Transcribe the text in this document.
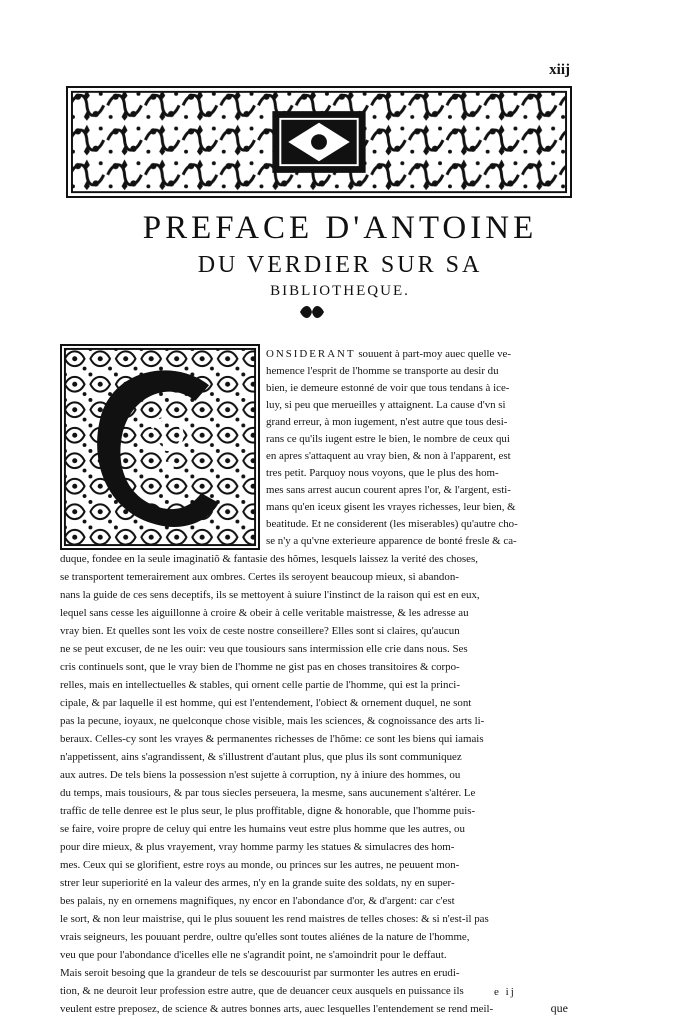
xiij
PREFACE D'ANTOINE
DU VERDIER SUR SA
BIBLIOTHEQUE.
ONSIDERANT souuent à part-moy auec quelle ve-
hemence l'esprit de l'homme se transporte au desir du
bien, ie demeure estonné de voir que tous tendans à ice-
luy, si peu que merueilles y attaignent. La cause d'vn si
grand erreur, à mon iugement, n'est autre que tous desi-
rans ce qu'ils iugent estre le bien, le nombre de ceux qui
en apres s'attaquent au vray bien, & non à l'apparent, est
tres petit. Parquoy nous voyons, que le plus des hom-
mes sans arrest aucun courent apres l'or, & l'argent, esti-
mans qu'en iceux gisent les vrayes richesses, leur bien, &
beatitude. Et ne considerent (les miserables) qu'autre cho-
se n'y a qu'vne exterieure apparence de bonté fresle & ca-
duque, fondee en la seule imaginatiõ & fantasie des hõmes, lesquels laissez la verité des choses,
se transportent temerairement aux ombres. Certes ils seroyent beaucoup mieux, si abandon-
nans la guide de ces sens deceptifs, ils se mettoyent à suiure l'instinct de la raison qui est en eux,
lequel sans cesse les aiguillonne à croire & obeir à celle veritable maistresse, & les adresse au
vray bien. Et quelles sont les voix de ceste nostre conseillere? Elles sont si claires, qu'aucun
ne se peut excuser, de ne les ouir: veu que tousiours sans intermission elle crie dans nous. Ses
cris continuels sont, que le vray bien de l'homme ne gist pas en choses transitoires & corpo-
relles, mais en intellectuelles & stables, qui ornent celle partie de l'homme, qui est la princi-
cipale, & par laquelle il est homme, qui est l'entendement, l'obiect & ornement duquel, ne sont
pas la pecune, ioyaux, ne quelconque chose visible, mais les sciences, & cognoissance des arts li-
beraux. Celles-cy sont les vrayes & permanentes richesses de l'hõme: ce sont les biens qui iamais
n'appetissent, ains s'agrandissent, & s'illustrent d'autant plus, que plus ils sont communiquez
aux autres. De tels biens la possession n'est sujette à corruption, ny à iniure des hommes, ou
du temps, mais tousiours, & par tous siecles perseuera, la mesme, sans aucunement s'altérer. Le
traffic de telle denree est le plus seur, le plus proffitable, digne & honorable, que l'homme puis-
se faire, voire propre de celuy qui entre les humains veut estre plus homme que les autres, ou
pour dire mieux, & plus vrayement, vray homme parmy les statues & simulacres des hom-
mes. Ceux qui se glorifient, estre roys au monde, ou princes sur les autres, ne peuuent mon-
strer leur superiorité en la valeur des armes, n'y en la grande suite des soldats, ny en super-
bes palais, ny en ornemens magnifiques, ny encor en l'abondance d'or, & d'argent: car c'est
le sort, & non leur maistrise, qui le plus souuent les rend maistres de telles choses: & si n'est-il pas
vrais seigneurs, les pouuant perdre, oultre qu'elles sont toutes aliénes de la nature de l'homme,
veu que pour l'abondance d'icelles elle ne s'agrandit point, ne s'amoindrit pour le deffaut.
Mais seroit besoing que la grandeur de tels se descouurist par surmonter les autres en erudi-
tion, & ne deuroit leur profession estre autre, que de deuancer ceux ausquels en puissance ils
veulent estre preposez, de science & autres bonnes arts, auec lesquelles l'entendement se rend meil-	que
e ij
